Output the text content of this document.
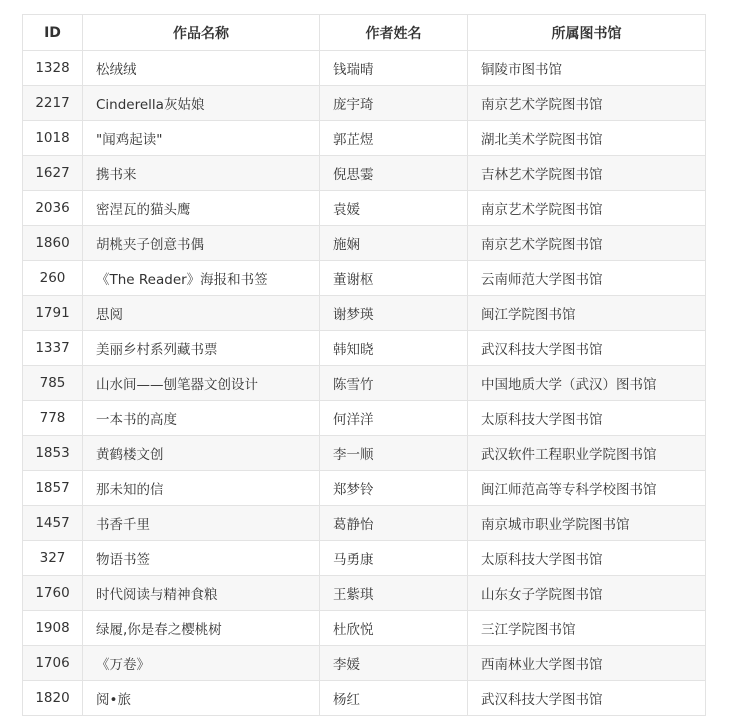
ID	作品名称	作者姓名	所属图书馆
1328	松绒绒	钱瑞晴	铜陵市图书馆
2217	Cinderella灰姑娘	庞宇琦	南京艺术学院图书馆
1018	"闻鸡起读"	郭芷煜	湖北美术学院图书馆
1627	携书来	倪思霎	吉林艺术学院图书馆
2036	密涅瓦的猫头鹰	袁媛	南京艺术学院图书馆
1860	胡桃夹子创意书偶	施娴	南京艺术学院图书馆
260	《The Reader》海报和书签	董谢枢	云南师范大学图书馆
1791	思阅	谢梦瑛	闽江学院图书馆
1337	美丽乡村系列藏书票	韩知晓	武汉科技大学图书馆
785	山水间——刨笔器文创设计	陈雪竹	中国地质大学（武汉）图书馆
778	一本书的高度	何洋洋	太原科技大学图书馆
1853	黄鹤楼文创	李一顺	武汉软件工程职业学院图书馆
1857	那未知的信	郑梦铃	闽江师范高等专科学校图书馆
1457	书香千里	葛静怡	南京城市职业学院图书馆
327	物语书签	马勇康	太原科技大学图书馆
1760	时代阅读与精神食粮	王紫琪	山东女子学院图书馆
1908	绿履,你是春之樱桃树	杜欣悦	三江学院图书馆
1706	《万卷》	李媛	西南林业大学图书馆
1820	阅•旅	杨红	武汉科技大学图书馆
